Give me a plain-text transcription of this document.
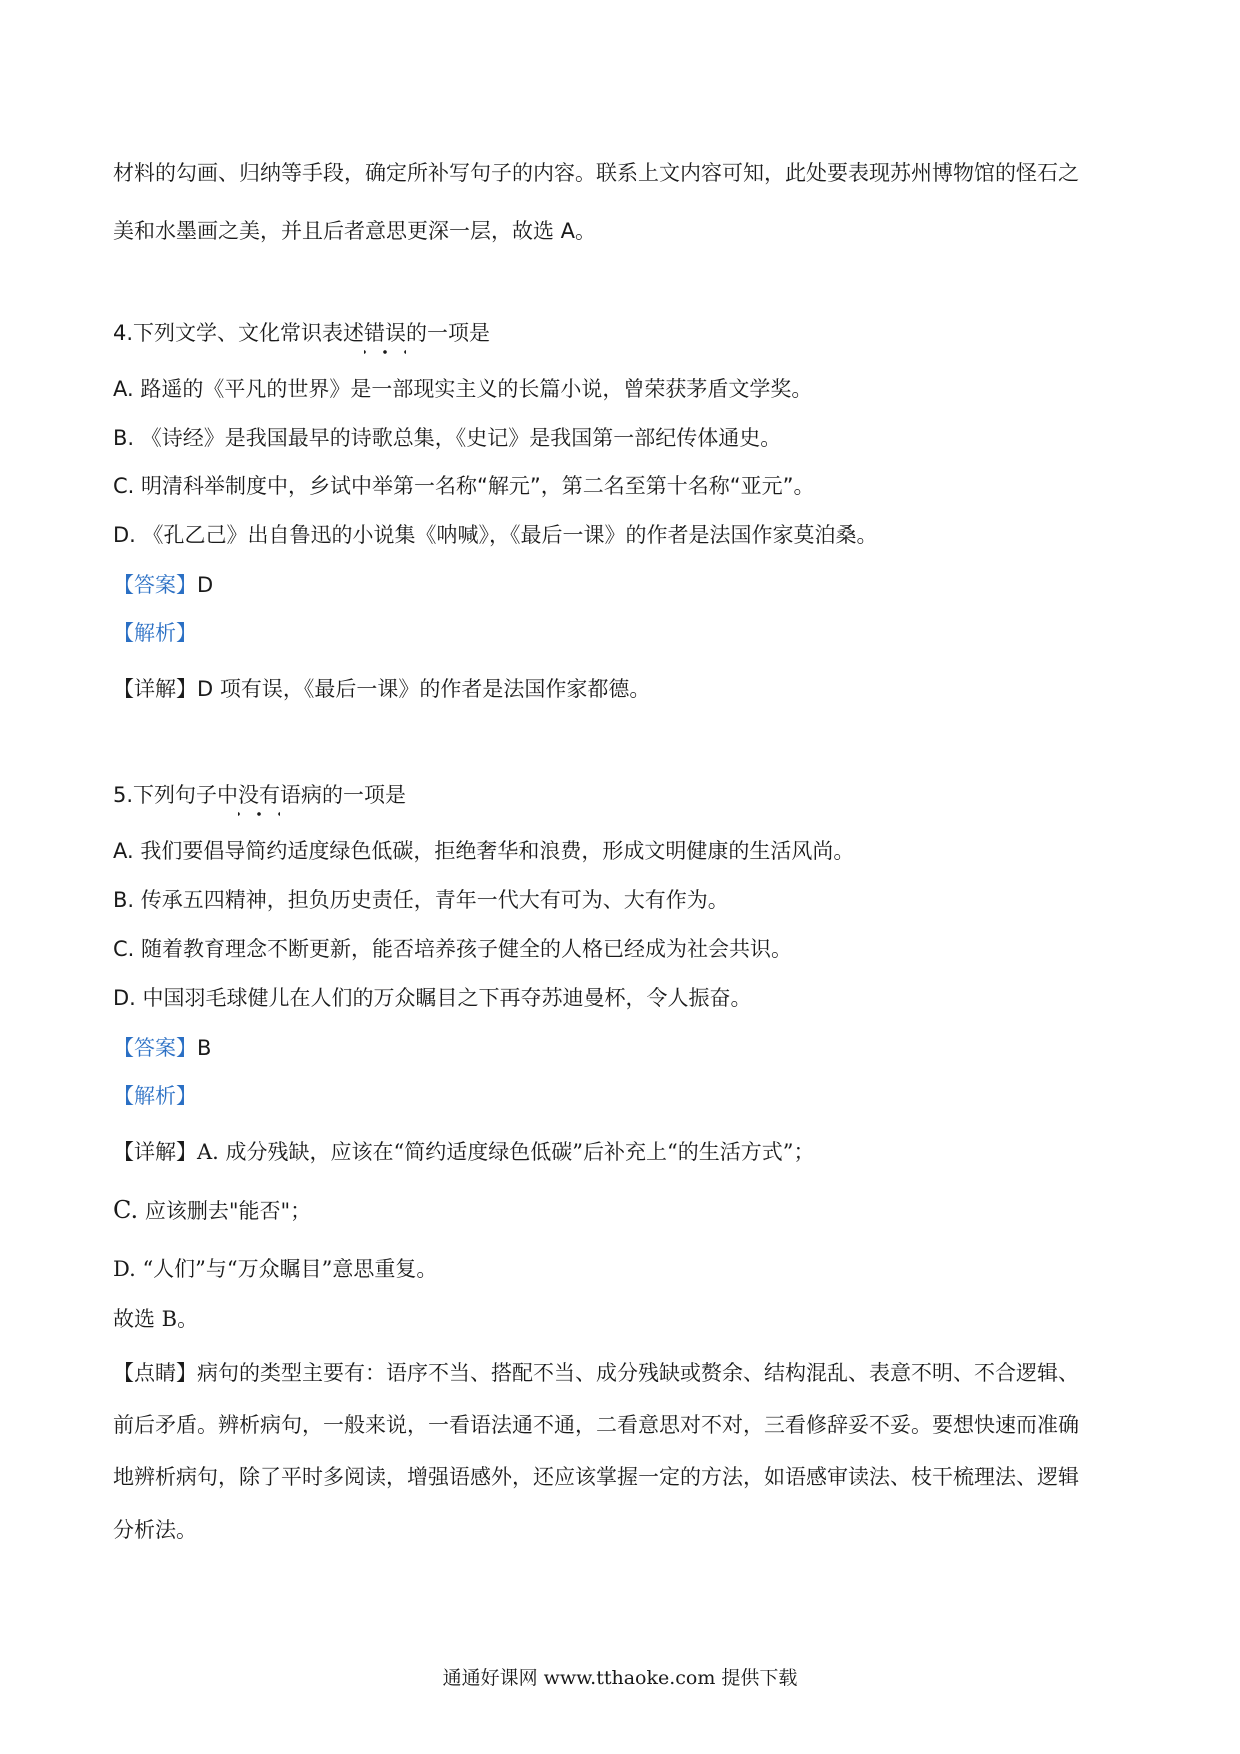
材料的勾画、归纳等手段，确定所补写句子的内容。联系上文内容可知，此处要表现苏州博物馆的怪石之
美和水墨画之美，并且后者意思更深一层，故选 A。
4.下列文学、文化常识表述错误的一项是
A. 路遥的《平凡的世界》是一部现实主义的长篇小说，曾荣获茅盾文学奖。
B. 《诗经》是我国最早的诗歌总集，《史记》是我国第一部纪传体通史。
C. 明清科举制度中，乡试中举第一名称“解元”，第二名至第十名称“亚元”。
D. 《孔乙己》出自鲁迅的小说集《呐喊》，《最后一课》的作者是法国作家莫泊桑。
【答案】D
【解析】
【详解】D 项有误，《最后一课》的作者是法国作家都德。
5.下列句子中没有语病的一项是
A. 我们要倡导简约适度绿色低碳，拒绝奢华和浪费，形成文明健康的生活风尚。
B. 传承五四精神，担负历史责任，青年一代大有可为、大有作为。
C. 随着教育理念不断更新，能否培养孩子健全的人格已经成为社会共识。
D. 中国羽毛球健儿在人们的万众瞩目之下再夺苏迪曼杯，令人振奋。
【答案】B
【解析】
【详解】A. 成分残缺，应该在“简约适度绿色低碳”后补充上“的生活方式”；
C. 应该删去"能否"；
D. “人们”与“万众瞩目”意思重复。
故选 B。
【点睛】病句的类型主要有：语序不当、搭配不当、成分残缺或赘余、结构混乱、表意不明、不合逻辑、
前后矛盾。辨析病句，一般来说，一看语法通不通，二看意思对不对，三看修辞妥不妥。要想快速而准确
地辨析病句，除了平时多阅读，增强语感外，还应该掌握一定的方法，如语感审读法、枝干梳理法、逻辑
分析法。
通通好课网 www.tthaoke.com 提供下载
